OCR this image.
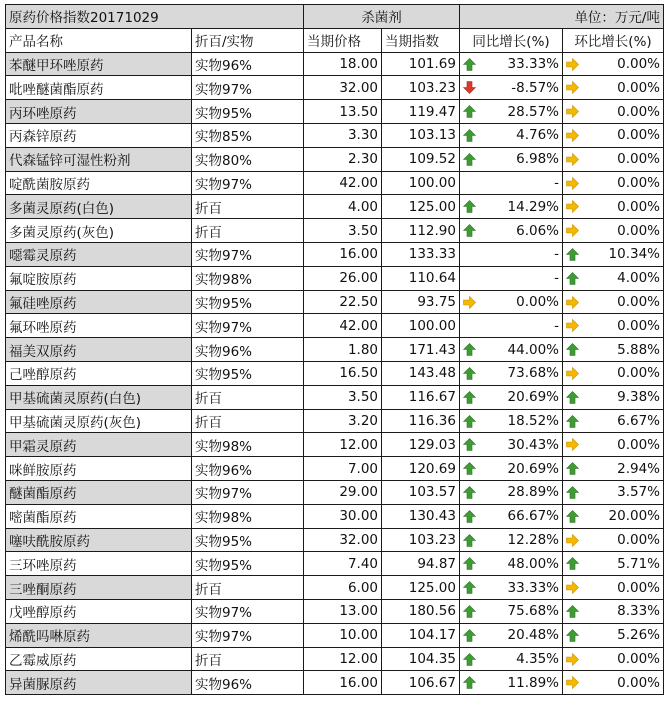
原药价格指数20171029		杀菌剂		单位：万元/吨	
产品名称	折百/实物	当期价格	当期指数	同比增长(%)	环比增长(%)
苯醚甲环唑原药	实物96%	18.00	101.69	33.33%	0.00%
吡唑醚菌酯原药	实物97%	32.00	103.23	-8.57%	0.00%
丙环唑原药	实物95%	13.50	119.47	28.57%	0.00%
丙森锌原药	实物85%	3.30	103.13	4.76%	0.00%
代森锰锌可湿性粉剂	实物80%	2.30	109.52	6.98%	0.00%
啶酰菌胺原药	实物97%	42.00	100.00	-	0.00%
多菌灵原药(白色)	折百	4.00	125.00	14.29%	0.00%
多菌灵原药(灰色)	折百	3.50	112.90	6.06%	0.00%
噁霉灵原药	实物97%	16.00	133.33	-	10.34%
氟啶胺原药	实物98%	26.00	110.64	-	4.00%
氟硅唑原药	实物95%	22.50	93.75	0.00%	0.00%
氟环唑原药	实物97%	42.00	100.00	-	0.00%
福美双原药	实物96%	1.80	171.43	44.00%	5.88%
己唑醇原药	实物95%	16.50	143.48	73.68%	0.00%
甲基硫菌灵原药(白色)	折百	3.50	116.67	20.69%	9.38%
甲基硫菌灵原药(灰色)	折百	3.20	116.36	18.52%	6.67%
甲霜灵原药	实物98%	12.00	129.03	30.43%	0.00%
咪鲜胺原药	实物96%	7.00	120.69	20.69%	2.94%
醚菌酯原药	实物97%	29.00	103.57	28.89%	3.57%
嘧菌酯原药	实物98%	30.00	130.43	66.67%	20.00%
噻呋酰胺原药	实物95%	32.00	103.23	12.28%	0.00%
三环唑原药	实物95%	7.40	94.87	48.00%	5.71%
三唑酮原药	折百	6.00	125.00	33.33%	0.00%
戊唑醇原药	实物97%	13.00	180.56	75.68%	8.33%
烯酰吗啉原药	实物97%	10.00	104.17	20.48%	5.26%
乙霉威原药	折百	12.00	104.35	4.35%	0.00%
异菌脲原药	实物96%	16.00	106.67	11.89%	0.00%
